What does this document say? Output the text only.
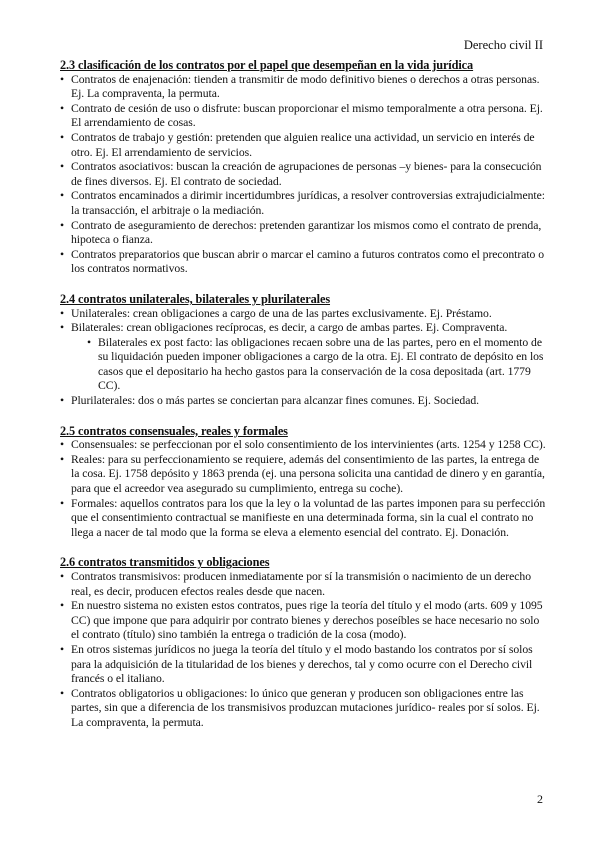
Derecho civil II
2.3 clasificación de los contratos por el papel que desempeñan en la vida jurídica
• Contratos de enajenación: tienden a transmitir de modo definitivo bienes o derechos a otras personas. Ej. La compraventa, la permuta.
• Contrato de cesión de uso o disfrute: buscan proporcionar el mismo temporalmente a otra persona. Ej. El arrendamiento de cosas.
• Contratos de trabajo y gestión: pretenden que alguien realice una actividad, un servicio en interés de otro. Ej. El arrendamiento de servicios.
• Contratos asociativos: buscan la creación de agrupaciones de personas –y bienes- para la consecución de fines diversos. Ej. El contrato de sociedad.
• Contratos encaminados a dirimir incertidumbres jurídicas, a resolver controversias extrajudicialmente: la transacción, el arbitraje o la mediación.
• Contrato de aseguramiento de derechos: pretenden garantizar los mismos como el contrato de prenda, hipoteca o fianza.
• Contratos preparatorios que buscan abrir o marcar el camino a futuros contratos como el precontrato o los contratos normativos.
2.4 contratos unilaterales, bilaterales y plurilaterales
• Unilaterales: crean obligaciones a cargo de una de las partes exclusivamente. Ej. Préstamo.
• Bilaterales: crean obligaciones recíprocas, es decir, a cargo de ambas partes. Ej. Compraventa.
• Bilaterales ex post facto: las obligaciones recaen sobre una de las partes, pero en el momento de su liquidación pueden imponer obligaciones a cargo de la otra. Ej. El contrato de depósito en los casos que el depositario ha hecho gastos para la conservación de la cosa depositada (art. 1779 CC).
• Plurilaterales: dos o más partes se conciertan para alcanzar fines comunes. Ej. Sociedad.
2.5 contratos consensuales, reales y formales
• Consensuales: se perfeccionan por el solo consentimiento de los intervinientes (arts. 1254 y 1258 CC).
• Reales: para su perfeccionamiento se requiere, además del consentimiento de las partes, la entrega de la cosa. Ej. 1758 depósito y 1863 prenda (ej. una persona solicita una cantidad de dinero y en garantía, para que el acreedor vea asegurado su cumplimiento, entrega su coche).
• Formales: aquellos contratos para los que la ley o la voluntad de las partes imponen para su perfección que el consentimiento contractual se manifieste en una determinada forma, sin la cual el contrato no llega a nacer de tal modo que la forma se eleva a elemento esencial del contrato. Ej. Donación.
2.6 contratos transmitidos y obligaciones
• Contratos transmisivos: producen inmediatamente por sí la transmisión o nacimiento de un derecho real, es decir, producen efectos reales desde que nacen.
• En nuestro sistema no existen estos contratos, pues rige la teoría del título y el modo (arts. 609 y 1095 CC) que impone que para adquirir por contrato bienes y derechos poseíbles se hace necesario no solo el contrato (título) sino también la entrega o tradición de la cosa (modo).
• En otros sistemas jurídicos no juega la teoría del título y el modo bastando los contratos por sí solos para la adquisición de la titularidad de los bienes y derechos, tal y como ocurre con el Derecho civil francés o el italiano.
• Contratos obligatorios u obligaciones: lo único que generan y producen son obligaciones entre las partes, sin que a diferencia de los transmisivos produzcan mutaciones jurídico- reales por sí solos. Ej. La compraventa, la permuta.
2
